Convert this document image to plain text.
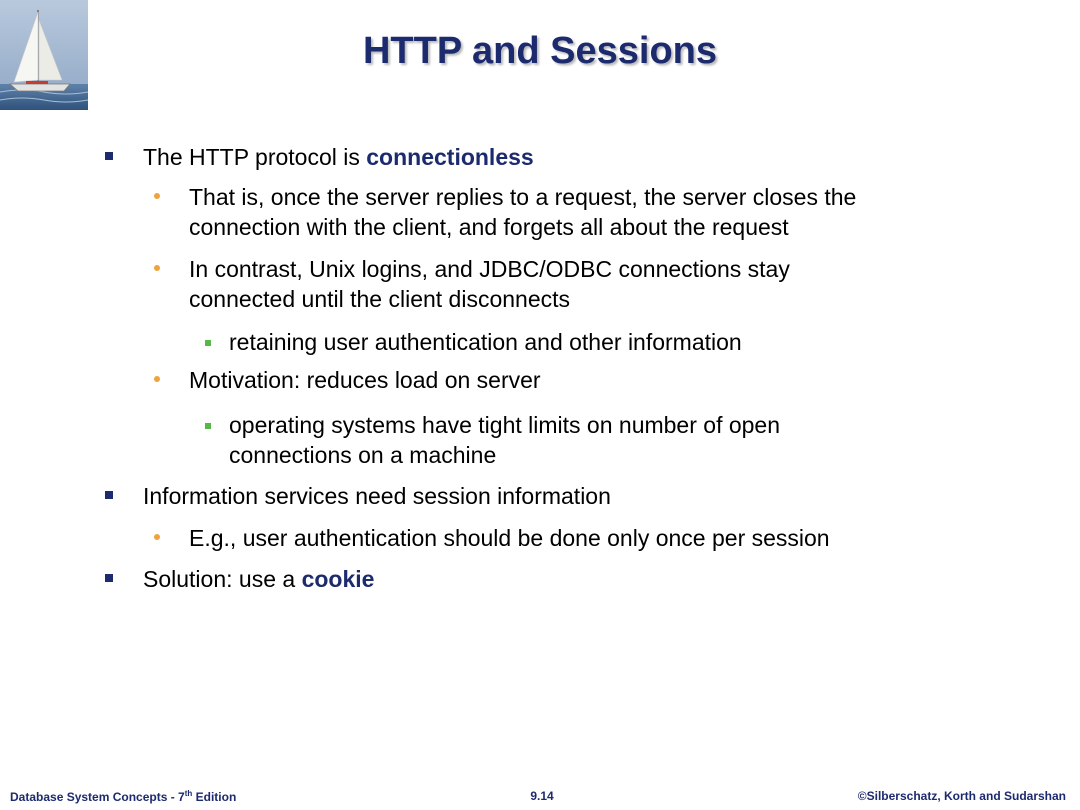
HTTP and Sessions
The HTTP protocol is connectionless
That is, once the server replies to a request, the server closes the connection with the client, and forgets all about the request
In contrast, Unix logins, and JDBC/ODBC connections stay connected until the client disconnects
retaining user authentication and other information
Motivation: reduces load on server
operating systems have tight limits on number of open connections on a machine
Information services need session information
E.g., user authentication should be done only once per session
Solution: use a cookie
Database System Concepts - 7th Edition	9.14	©Silberschatz, Korth and Sudarshan
